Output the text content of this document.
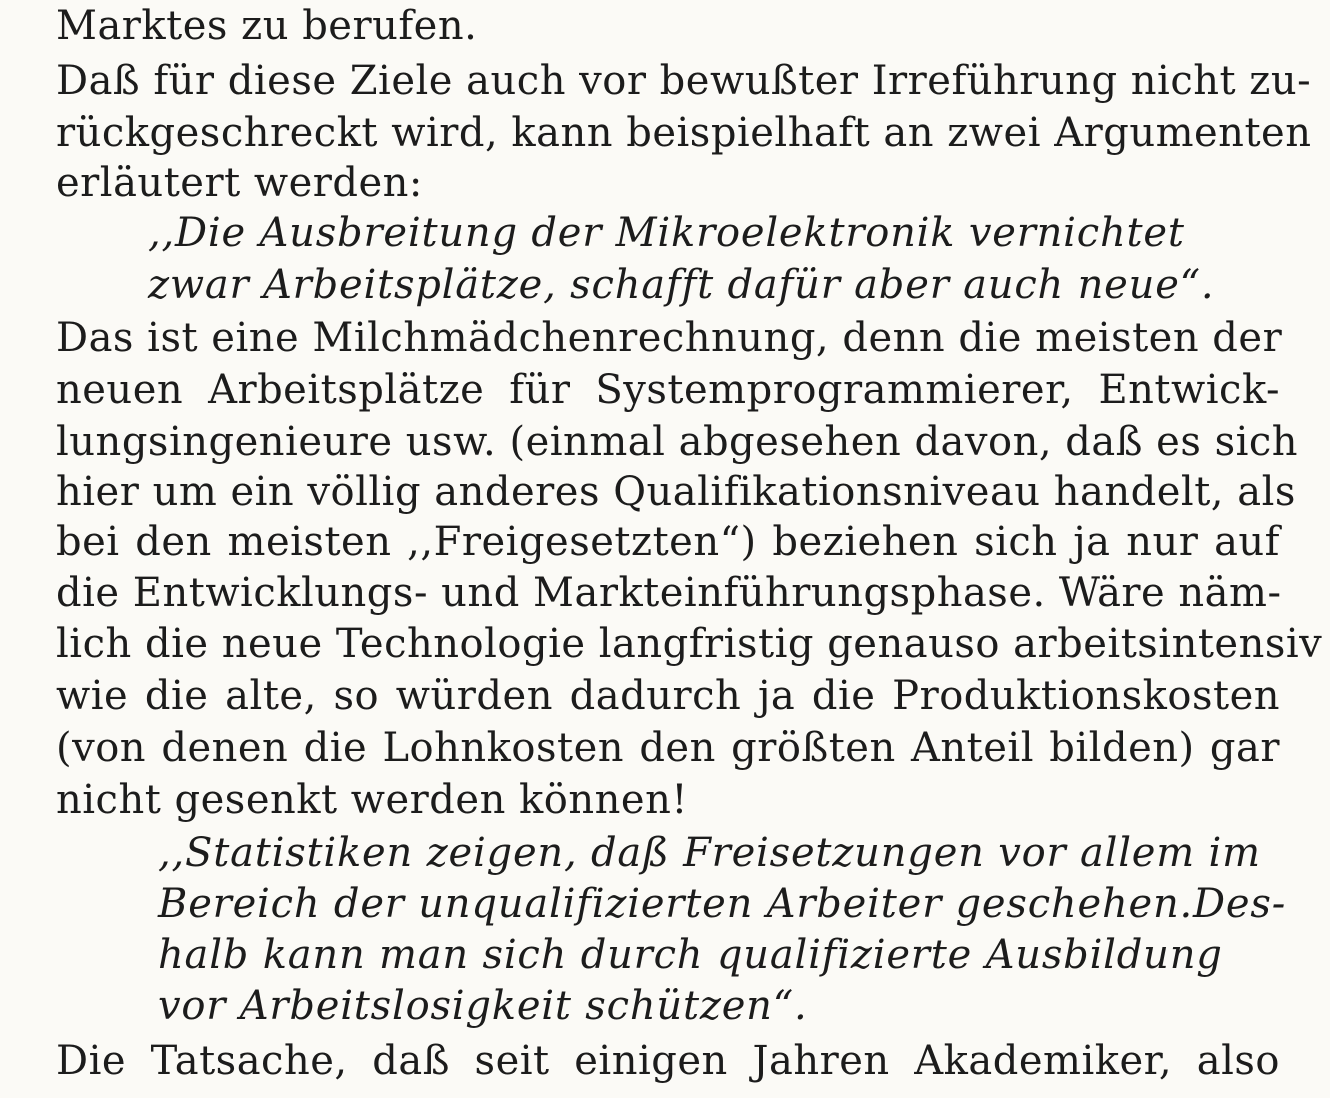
Marktes zu berufen.
Daß für diese Ziele auch vor bewußter Irreführung nicht zu-
rückgeschreckt wird, kann beispielhaft an zwei Argumenten
erläutert werden:
,,Die Ausbreitung der Mikroelektronik vernichtet
zwar Arbeitsplätze, schafft dafür aber auch neue“.
Das ist eine Milchmädchenrechnung, denn die meisten der
neuen Arbeitsplätze für Systemprogrammierer, Entwick-
lungsingenieure usw. (einmal abgesehen davon, daß es sich
hier um ein völlig anderes Qualifikationsniveau handelt, als
bei den meisten ,,Freigesetzten“) beziehen sich ja nur auf
die Entwicklungs- und Markteinführungsphase. Wäre näm-
lich die neue Technologie langfristig genauso arbeitsintensiv
wie die alte, so würden dadurch ja die Produktionskosten
(von denen die Lohnkosten den größten Anteil bilden) gar
nicht gesenkt werden können!
,,Statistiken zeigen, daß Freisetzungen vor allem im
Bereich der unqualifizierten Arbeiter geschehen.Des-
halb kann man sich durch qualifizierte Ausbildung
vor Arbeitslosigkeit schützen“.
Die Tatsache, daß seit einigen Jahren Akademiker, also
